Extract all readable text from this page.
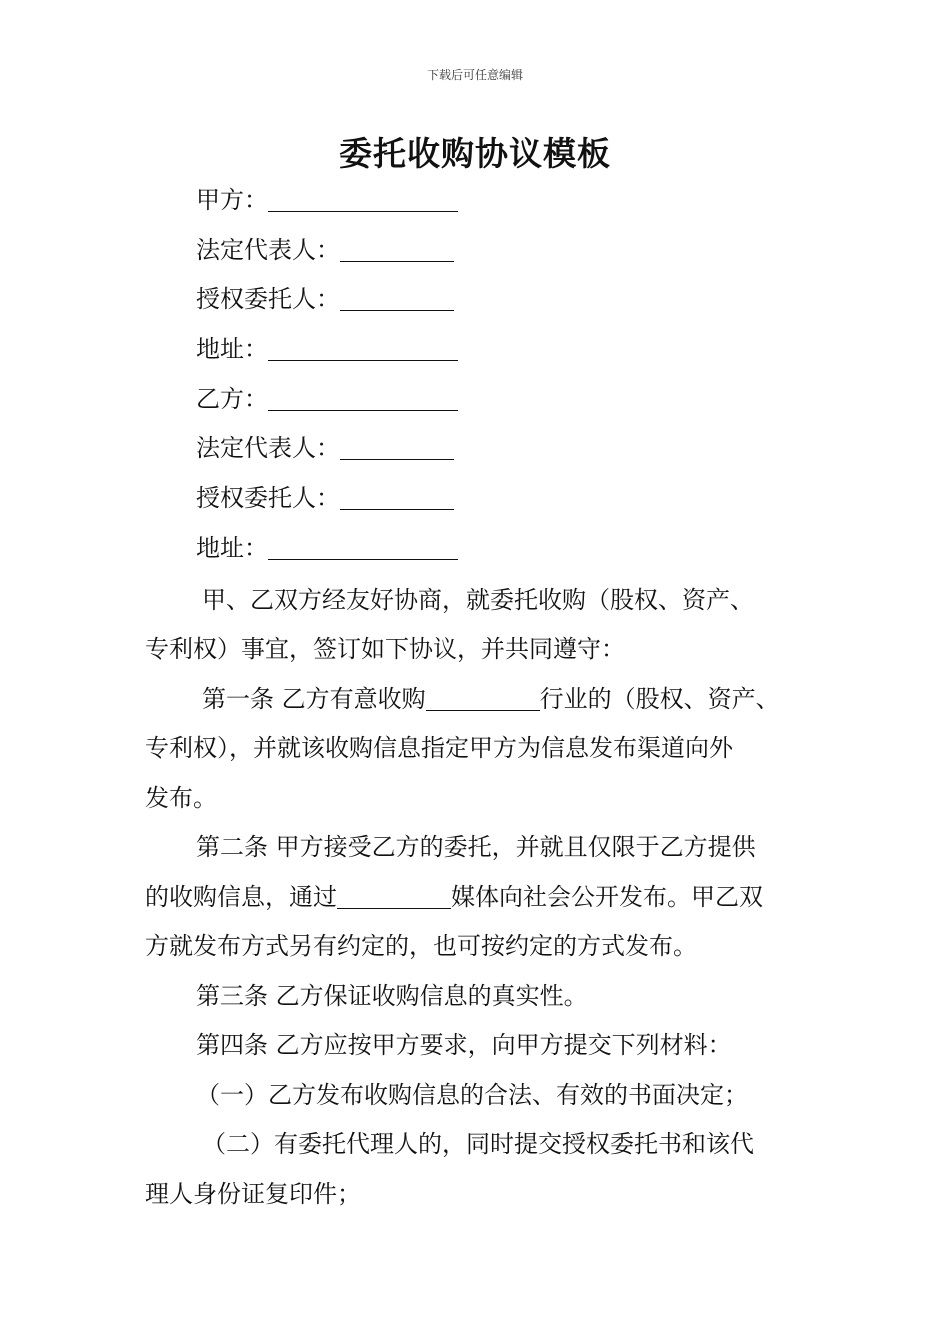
下载后可任意编辑
委托收购协议模板
甲方：
法定代表人：
授权委托人：
地址：
乙方：
法定代表人：
授权委托人：
地址：

甲、乙双方经友好协商，就委托收购（股权、资产、
专利权）事宜，签订如下协议，并共同遵守：

第一条 乙方有意收购	行业的（股权、资产、
专利权），并就该收购信息指定甲方为信息发布渠道向外
发布。

第二条 甲方接受乙方的委托，并就且仅限于乙方提供
的收购信息，通过	媒体向社会公开发布。甲乙双
方就发布方式另有约定的，也可按约定的方式发布。

第三条 乙方保证收购信息的真实性。

第四条 乙方应按甲方要求，向甲方提交下列材料：

（一）乙方发布收购信息的合法、有效的书面决定；

（二）有委托代理人的，同时提交授权委托书和该代
理人身份证复印件；
